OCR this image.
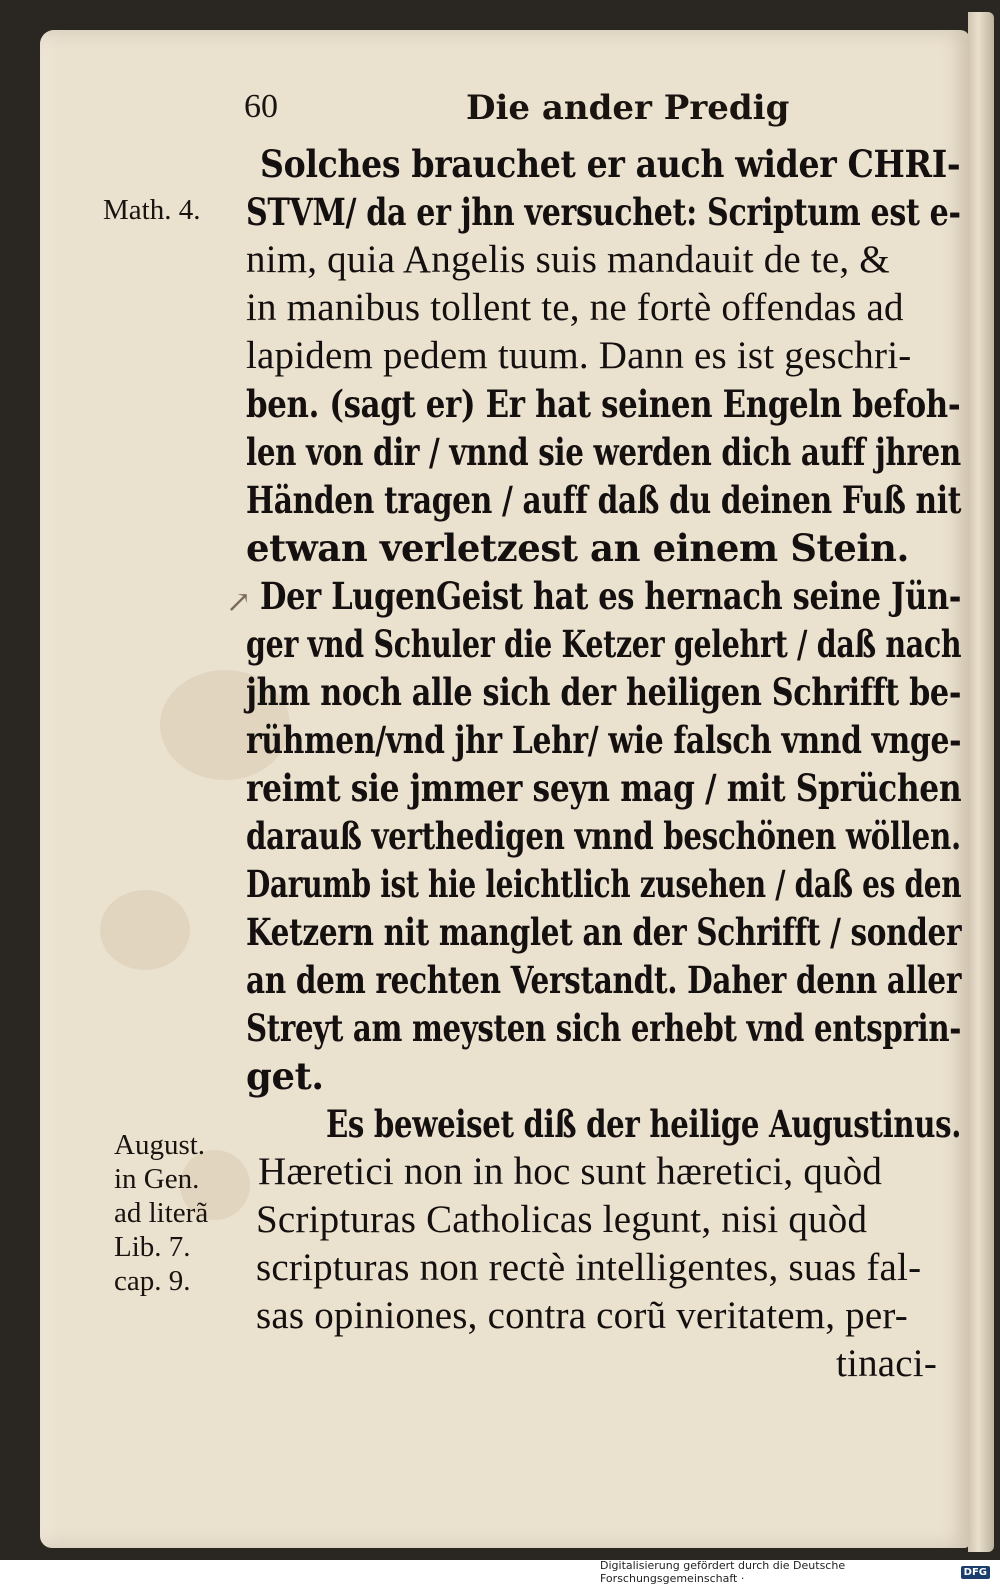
60	Die ander Predig
Math. 4.
August.
in Gen.
ad literã
Lib. 7.
cap. 9.
↗
Solches brauchet er auch wider CHRI-
STVM/ da er jhn versuchet: Scriptum est e-
nim, quia Angelis suis mandauit de te, &
in manibus tollent te, ne fortè offendas ad
lapidem pedem tuum. Dann es ist geschri-
ben. (sagt er) Er hat seinen Engeln befoh-
len von dir / vnnd sie werden dich auff jhren
Händen tragen / auff daß du deinen Fuß nit
etwan verletzest an einem Stein.
Der LugenGeist hat es hernach seine Jün-
ger vnd Schuler die Ketzer gelehrt / daß nach
jhm noch alle sich der heiligen Schrifft be-
rühmen/vnd jhr Lehr/ wie falsch vnnd vnge-
reimt sie jmmer seyn mag / mit Sprüchen
darauß verthedigen vnnd beschönen wöllen.
Darumb ist hie leichtlich zusehen / daß es den
Ketzern nit manglet an der Schrifft / sonder
an dem rechten Verstandt. Daher denn aller
Streyt am meysten sich erhebt vnd entsprin-
get.
Es beweiset diß der heilige Augustinus.
Hæretici non in hoc sunt hæretici, quòd
Scripturas Catholicas legunt, nisi quòd
scripturas non rectè intelligentes, suas fal-
sas opiniones, contra corũ veritatem, per-
tinaci-
Digitalisierung gefördert durch die Deutsche Forschungsgemeinschaft ·	DFG
